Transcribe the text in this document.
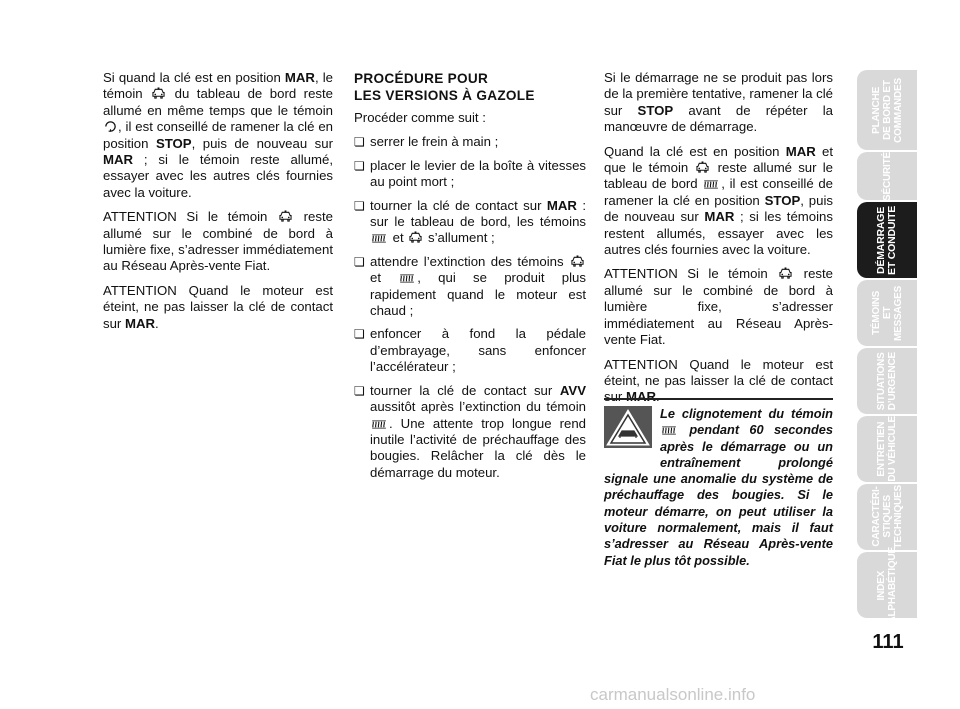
Si quand la clé est en position MAR, le témoin  du tableau de bord reste allumé en même temps que le témoin , il est conseillé de ramener la clé en position STOP, puis de nouveau sur MAR ; si le témoin reste allumé, essayer avec les autres clés fournies avec la voiture.

ATTENTION Si le témoin  reste allumé sur le combiné de bord à lumière fixe, s’adresser immédiatement au Réseau Après-vente Fiat.

ATTENTION Quand le moteur est éteint, ne pas laisser la clé de contact sur MAR.

PROCÉDURE POUR
LES VERSIONS À GAZOLE

Procéder comme suit :

❏ serrer le frein à main ;
❏ placer le levier de la boîte à vitesses au point mort ;
❏ tourner la clé de contact sur MAR : sur le tableau de bord, les témoins  et  s’allument ;
❏ attendre l’extinction des témoins  et , qui se produit plus rapidement quand le moteur est chaud ;
❏ enfoncer à fond la pédale d’embrayage, sans enfoncer l’accélérateur ;
❏ tourner la clé de contact sur AVV aussitôt après l’extinction du témoin . Une attente trop longue rend inutile l’activité de préchauffage des bougies. Relâcher la clé dès le démarrage du moteur.

Si le démarrage ne se produit pas lors de la première tentative, ramener la clé sur STOP avant de répéter la manœuvre de démarrage.

Quand la clé est en position MAR et que le témoin  reste allumé sur le tableau de bord , il est conseillé de ramener la clé en position STOP, puis de nouveau sur MAR ; si les témoins restent allumés, essayer avec les autres clés fournies avec la voiture.

ATTENTION Si le témoin  reste allumé sur le combiné de bord à lumière fixe, s’adresser immédiatement au Réseau Après-vente Fiat.

ATTENTION Quand le moteur est éteint, ne pas laisser la clé de contact sur MAR.

Le clignotement du témoin  pendant 60 secondes après le démarrage ou un entraînement prolongé signale une anomalie du système de préchauffage des bougies. Si le moteur démarre, on peut utiliser la voiture normalement, mais il faut s’adresser au Réseau Après-vente Fiat le plus tôt possible.
PLANCHE
DE BORD ET
COMMANDES
SÉCURITÉ
DÉMARRAGE
ET CONDUITE
TÉMOINS
ET MESSAGES
SITUATIONS
D’URGENCE
ENTRETIEN
DU VÉHICULE
CARACTÉRI-
STIQUES
TECHNIQUES
INDEX
ALPHABÉTIQUE
111
carmanualsonline.info
